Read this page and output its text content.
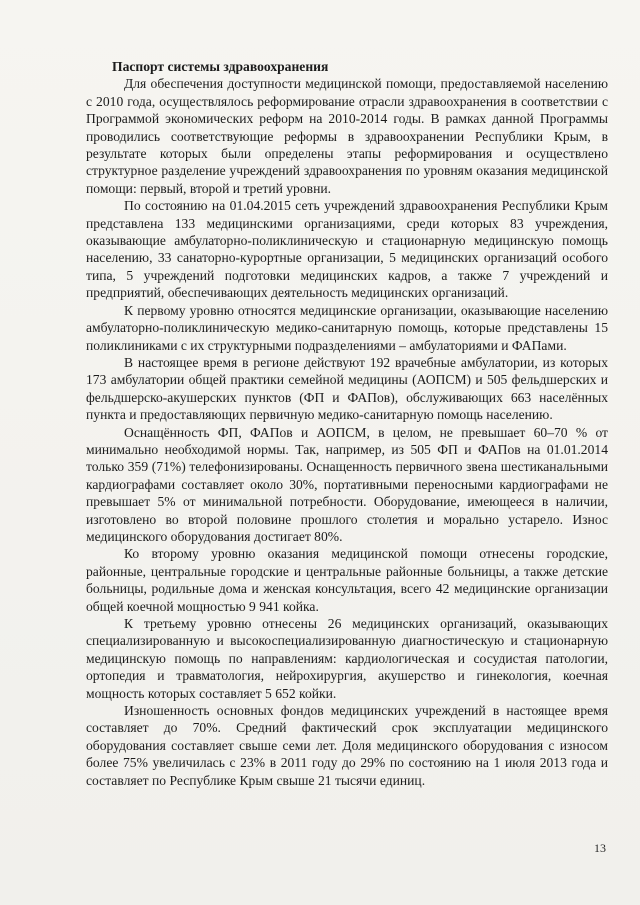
Паспорт системы здравоохранения

Для обеспечения доступности медицинской помощи, предоставляемой населению с 2010 года, осуществлялось реформирование отрасли здравоохранения в соответствии с Программой экономических реформ на 2010-2014 годы. В рамках данной Программы проводились соответствующие реформы в здравоохранении Республики Крым, в результате которых были определены этапы реформирования и осуществлено структурное разделение учреждений здравоохранения по уровням оказания медицинской помощи: первый, второй и третий уровни.

По состоянию на 01.04.2015 сеть учреждений здравоохранения Республики Крым представлена 133 медицинскими организациями, среди которых 83 учреждения, оказывающие амбулаторно-поликлиническую и стационарную медицинскую помощь населению, 33 санаторно-курортные организации, 5 медицинских организаций особого типа, 5 учреждений подготовки медицинских кадров, а также 7 учреждений и предприятий, обеспечивающих деятельность медицинских организаций.

К первому уровню относятся медицинские организации, оказывающие населению амбулаторно-поликлиническую медико-санитарную помощь, которые представлены 15 поликлиниками с их структурными подразделениями – амбулаториями и ФАПами.

В настоящее время в регионе действуют 192 врачебные амбулатории, из которых 173 амбулатории общей практики семейной медицины (АОПСМ) и 505 фельдшерских и фельдшерско-акушерских пунктов (ФП и ФАПов), обслуживающих 663 населённых пункта и предоставляющих первичную медико-санитарную помощь населению.

Оснащённость ФП, ФАПов и АОПСМ, в целом, не превышает 60–70 % от минимально необходимой нормы. Так, например, из 505 ФП и ФАПов на 01.01.2014 только 359 (71%) телефонизированы. Оснащенность первичного звена шестиканальными кардиографами составляет около 30%, портативными переносными кардиографами не превышает 5% от минимальной потребности. Оборудование, имеющееся в наличии, изготовлено во второй половине прошлого столетия и морально устарело. Износ медицинского оборудования достигает 80%.

Ко второму уровню оказания медицинской помощи отнесены городские, районные, центральные городские и центральные районные больницы, а также детские больницы, родильные дома и женская консультация, всего 42 медицинские организации общей коечной мощностью 9 941 койка.

К третьему уровню отнесены 26 медицинских организаций, оказывающих специализированную и высокоспециализированную диагностическую и стационарную медицинскую помощь по направлениям: кардиологическая и сосудистая патологии, ортопедия и травматология, нейрохирургия, акушерство и гинекология, коечная мощность которых составляет 5 652 койки.

Изношенность основных фондов медицинских учреждений в настоящее время составляет до 70%. Средний фактический срок эксплуатации медицинского оборудования составляет свыше семи лет. Доля медицинского оборудования с износом более 75% увеличилась с 23% в 2011 году до 29% по состоянию на 1 июля 2013 года и составляет по Республике Крым свыше 21 тысячи единиц.

13
